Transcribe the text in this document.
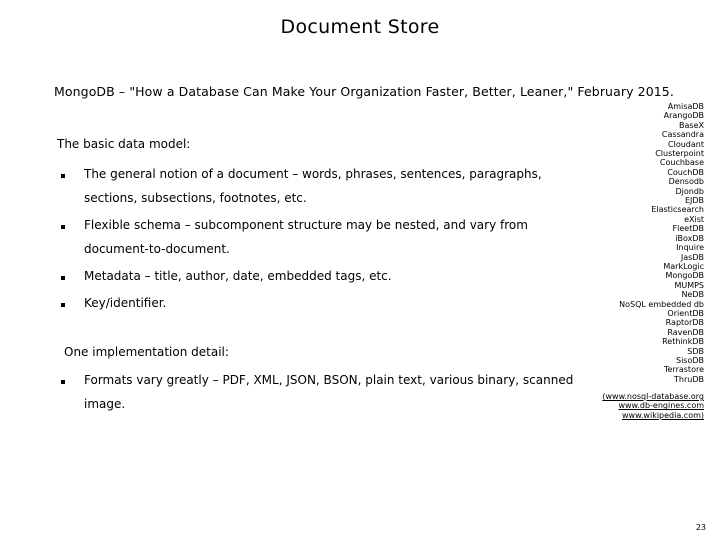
Document Store
MongoDB – "How a Database Can Make Your Organization Faster, Better, Leaner," February 2015.
The basic data model:
The general notion of a document – words, phrases, sentences, paragraphs, sections, subsections, footnotes, etc.
Flexible schema – subcomponent structure may be nested, and vary from document-to-document.
Metadata – title, author, date, embedded tags, etc.
Key/identifier.
One implementation detail:
Formats vary greatly – PDF, XML, JSON, BSON, plain text, various binary, scanned image.
AmisaDB
ArangoDB
BaseX
Cassandra
Cloudant
Clusterpoint
Couchbase
CouchDB
Densodb
Djondb
EJDB
Elasticsearch
eXist
FleetDB
iBoxDB
Inquire
JasDB
MarkLogic
MongoDB
MUMPS
NeDB
NoSQL embedded db
OrientDB
RaptorDB
RavenDB
RethinkDB
SDB
SisoDB
Terrastore
ThruDB
(www.nosql-database.org
www.db-engines.com
www.wikipedia.com)
23
